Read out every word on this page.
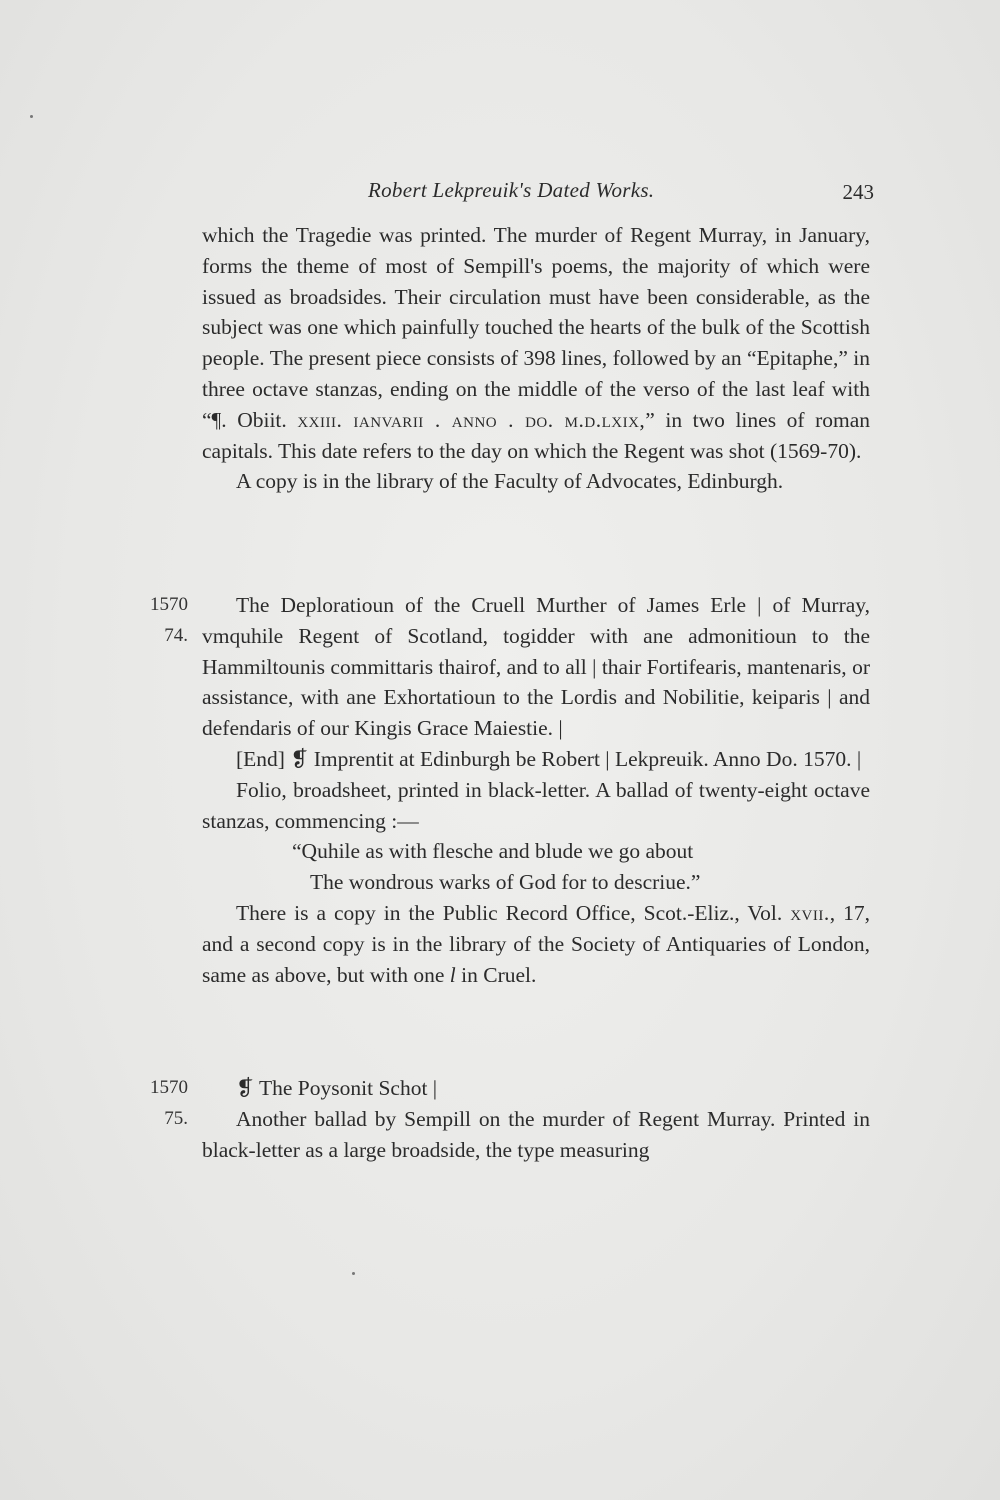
Robert Lekpreuik's Dated Works.	243

which the Tragedie was printed. The murder of Regent Murray, in January, forms the theme of most of Sempill's poems, the majority of which were issued as broadsides. Their circulation must have been considerable, as the subject was one which painfully touched the hearts of the bulk of the Scottish people. The present piece consists of 398 lines, followed by an “Epitaphe,” in three octave stanzas, ending on the middle of the verso of the last leaf with “¶. Obiit. xxiii. ianvarii . anno . do. m.d.lxix,” in two lines of roman capitals. This date refers to the day on which the Regent was shot (1569-70).

A copy is in the library of the Faculty of Advocates, Edinburgh.

1570
74.

The Deploratioun of the Cruell Murther of James Erle | of Murray, vmquhile Regent of Scotland, togidder with ane admonitioun to the Hammiltounis committaris thairof, and to all | thair Fortifearis, mantenaris, or assistance, with ane Exhortatioun to the Lordis and Nobilitie, keiparis | and defendaris of our Kingis Grace Maiestie. |

[End] ❡ Imprentit at Edinburgh be Robert | Lekpreuik. Anno Do. 1570. |

Folio, broadsheet, printed in black-letter. A ballad of twenty-eight octave stanzas, commencing :—

“Quhile as with flesche and blude we go about
The wondrous warks of God for to descriue.”

There is a copy in the Public Record Office, Scot.-Eliz., Vol. xvii., 17, and a second copy is in the library of the Society of Antiquaries of London, same as above, but with one l in Cruel.

1570
75.

❡ The Poysonit Schot |

Another ballad by Sempill on the murder of Regent Murray. Printed in black-letter as a large broadside, the type measuring
